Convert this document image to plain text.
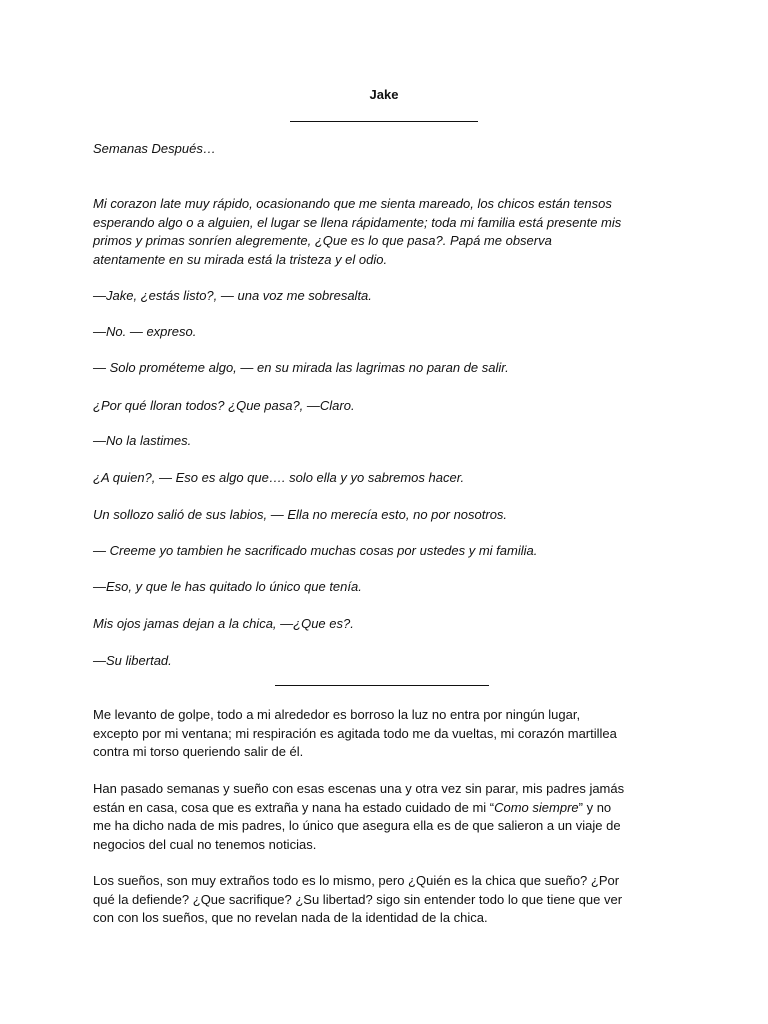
Jake

Semanas Después…

Mi corazon late muy rápido, ocasionando que me sienta mareado, los chicos están tensos
esperando algo o a alguien, el lugar se llena rápidamente; toda mi familia está presente mis
primos y primas sonríen alegremente, ¿Que es lo que pasa?. Papá me observa
atentamente en su mirada está la tristeza y el odio.

—Jake, ¿estás listo?, — una voz me sobresalta.

—No. — expreso.

— Solo prométeme algo, — en su mirada las lagrimas no paran de salir.

¿Por qué lloran todos? ¿Que pasa?, —Claro.

—No la lastimes.

¿A quien?, — Eso es algo que…. solo ella y yo sabremos hacer.

Un sollozo salió de sus labios, — Ella no merecía esto, no por nosotros.

— Creeme yo tambien he sacrificado muchas cosas por ustedes y mi familia.

—Eso, y que le has quitado lo único que tenía.

Mis ojos jamas dejan a la chica, —¿Que es?.

—Su libertad.

Me levanto de golpe, todo a mi alrededor es borroso la luz no entra por ningún lugar,
excepto por mi ventana; mi respiración es agitada todo me da vueltas, mi corazón martillea
contra mi torso queriendo salir de él.

Han pasado semanas y sueño con esas escenas una y otra vez sin parar, mis padres jamás
están en casa, cosa que es extraña y nana ha estado cuidado de mi “Como siempre” y no
me ha dicho nada de mis padres, lo único que asegura ella es de que salieron a un viaje de
negocios del cual no tenemos noticias.

Los sueños, son muy extraños todo es lo mismo, pero ¿Quién es la chica que sueño? ¿Por
qué la defiende? ¿Que sacrifique? ¿Su libertad? sigo sin entender todo lo que tiene que ver
con con los sueños, que no revelan nada de la identidad de la chica.
